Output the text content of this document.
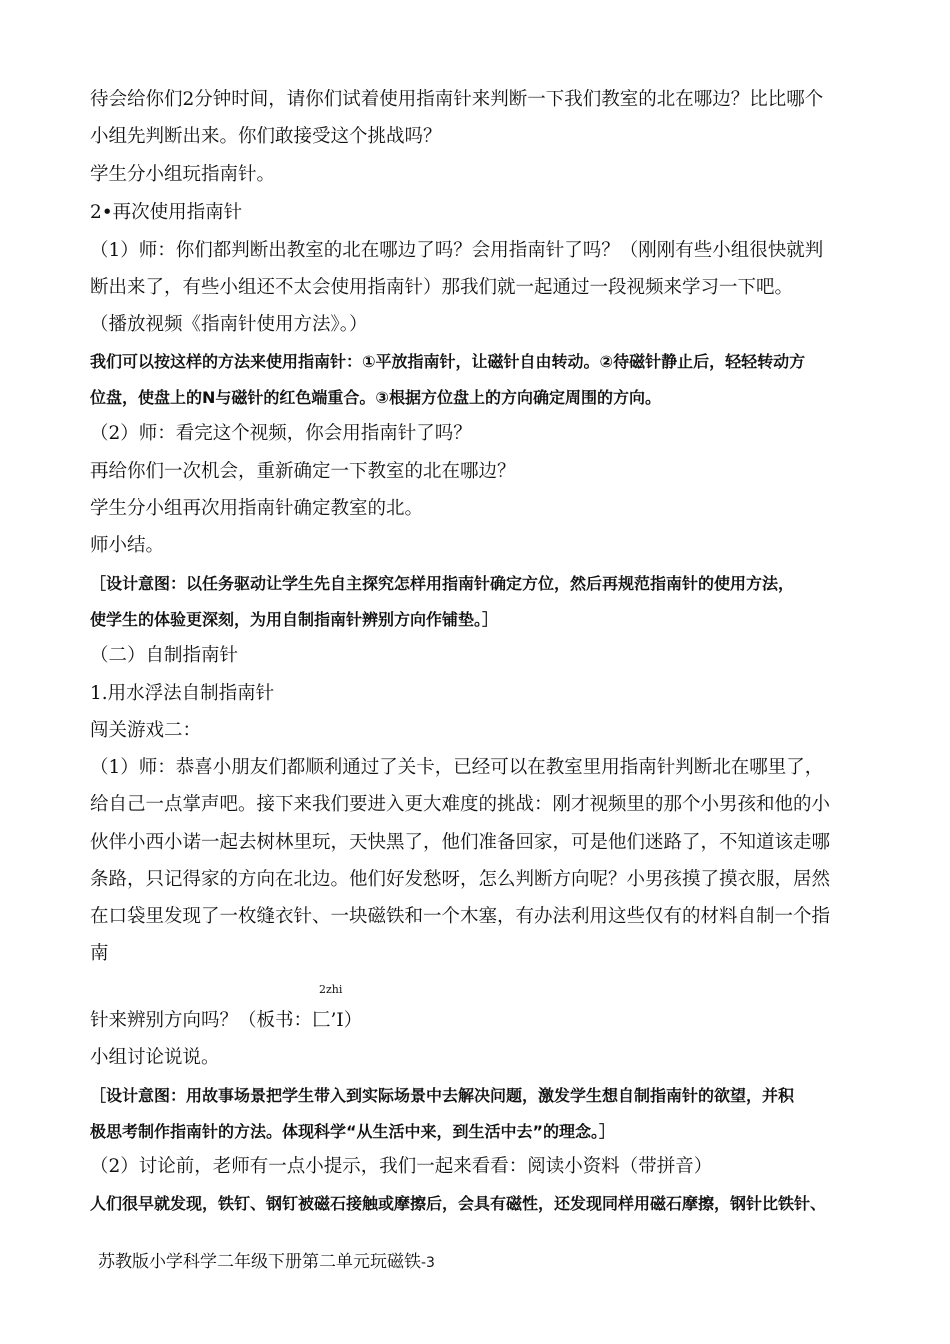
待会给你们2分钟时间，请你们试着使用指南针来判断一下我们教室的北在哪边？比比哪个
小组先判断出来。你们敢接受这个挑战吗？
学生分小组玩指南针。
2•再次使用指南针
（1）师：你们都判断出教室的北在哪边了吗？会用指南针了吗？（刚刚有些小组很快就判
断出来了，有些小组还不太会使用指南针）那我们就一起通过一段视频来学习一下吧。
（播放视频《指南针使用方法》。）
我们可以按这样的方法来使用指南针：①平放指南针，让磁针自由转动。②待磁针静止后，轻轻转动方
位盘，使盘上的N与磁针的红色端重合。③根据方位盘上的方向确定周围的方向。
（2）师：看完这个视频，你会用指南针了吗？
再给你们一次机会，重新确定一下教室的北在哪边？
学生分小组再次用指南针确定教室的北。
师小结。
［设计意图：以任务驱动让学生先自主探究怎样用指南针确定方位，然后再规范指南针的使用方法，
使学生的体验更深刻，为用自制指南针辨别方向作铺垫。］
（二）自制指南针
1.用水浮法自制指南针
闯关游戏二：
（1）师：恭喜小朋友们都顺利通过了关卡，已经可以在教室里用指南针判断北在哪里了，
给自己一点掌声吧。接下来我们要进入更大难度的挑战：刚才视频里的那个小男孩和他的小
伙伴小西小诺一起去树林里玩，天快黑了，他们准备回家，可是他们迷路了，不知道该走哪
条路，只记得家的方向在北边。他们好发愁呀，怎么判断方向呢？小男孩摸了摸衣服，居然
在口袋里发现了一枚缝衣针、一块磁铁和一个木塞，有办法利用这些仅有的材料自制一个指
南
2zhi
针来辨别方向吗？（板书：匚’I）
小组讨论说说。
［设计意图：用故事场景把学生带入到实际场景中去解决问题，激发学生想自制指南针的欲望，并积
极思考制作指南针的方法。体现科学“从生活中来，到生活中去”的理念。］
（2）讨论前，老师有一点小提示，我们一起来看看：阅读小资料（带拼音）
人们很早就发现，铁钉、钢钉被磁石接触或摩擦后，会具有磁性，还发现同样用磁石摩擦，钢针比铁针、
苏教版小学科学二年级下册第二单元玩磁铁-3
